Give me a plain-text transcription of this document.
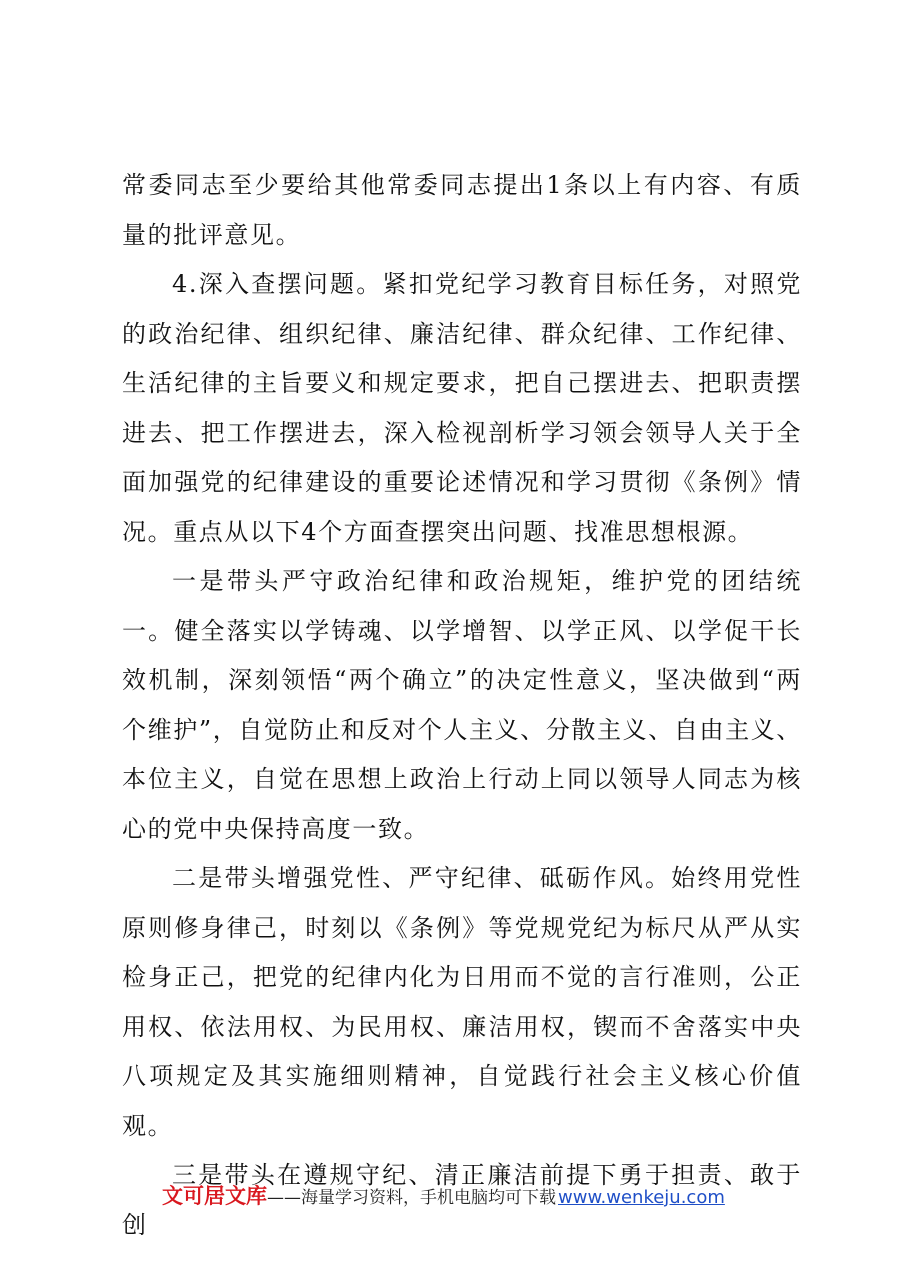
常委同志至少要给其他常委同志提出1条以上有内容、有质量的批评意见。

4.深入查摆问题。紧扣党纪学习教育目标任务，对照党的政治纪律、组织纪律、廉洁纪律、群众纪律、工作纪律、生活纪律的主旨要义和规定要求，把自己摆进去、把职责摆进去、把工作摆进去，深入检视剖析学习领会领导人关于全面加强党的纪律建设的重要论述情况和学习贯彻《条例》情况。重点从以下4个方面查摆突出问题、找准思想根源。

一是带头严守政治纪律和政治规矩，维护党的团结统一。健全落实以学铸魂、以学增智、以学正风、以学促干长效机制，深刻领悟“两个确立”的决定性意义，坚决做到“两个维护”，自觉防止和反对个人主义、分散主义、自由主义、本位主义，自觉在思想上政治上行动上同以领导人同志为核心的党中央保持高度一致。

二是带头增强党性、严守纪律、砥砺作风。始终用党性原则修身律己，时刻以《条例》等党规党纪为标尺从严从实检身正己，把党的纪律内化为日用而不觉的言行准则，公正用权、依法用权、为民用权、廉洁用权，锲而不舍落实中央八项规定及其实施细则精神，自觉践行社会主义核心价值观。

三是带头在遵规守纪、清正廉洁前提下勇于担责、敢于创

文可居文库 —— 海量学习资料，手机电脑均可下载 www.wenkeju.com
